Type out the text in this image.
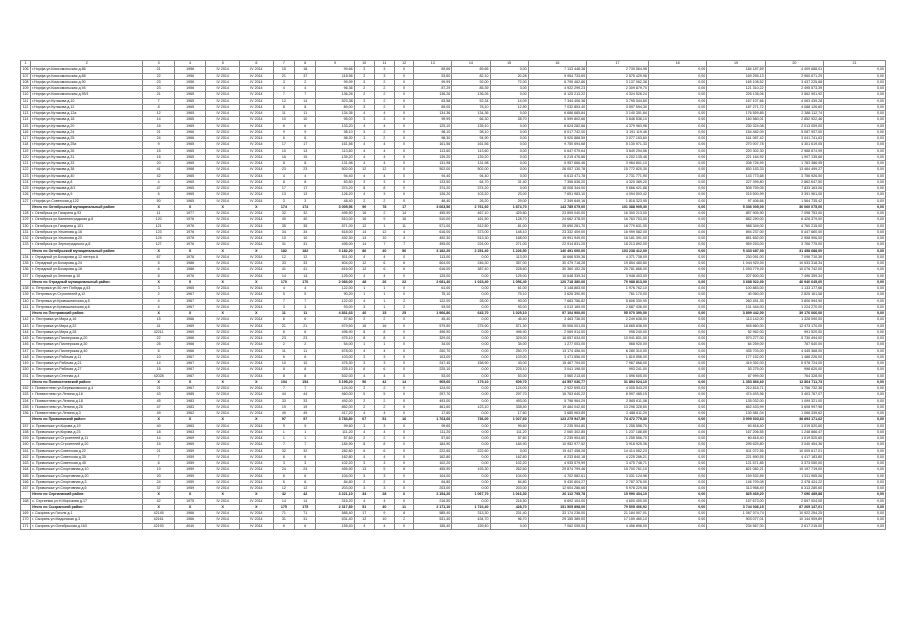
1	2	3	4	5	6	7	8	9	10	11	12	13	14	15	16	17	18	19	20	21
106	г.Норфа ул.Комсомольская д.86	21	1956	IV 2014	IV 2014	15	18	99,66	3	3	0	89,66	89,66	0,00	7 133 448,38	2 739 564,98	0,00	184 187,69	4 409 688,01	0,00
107	г.Норфа ул.Комсомольская д.88	22	1956	IV 2014	IV 2014	21	37	118,56	2	3	0	53,60	82,10	20,28	5 954 733,89	2 875 429,98	0,00	169 255,13	2 960 671,29	0,00
108	г.Норфа ул.Комсомольская д.90	23	1956	IV 2014	IV 2014	3	2	99,99	3	2	0	99,99	92,00	72,00	6 799 462,86	3 137 062,38	0,00	165 108,52	3 437 225,68	0,00
109	г.Норфа ул.Комсомольская д.94	23	1956	IV 2014	IV 2014	4	4	96,36	2	2	0	87,29	85,39	3,00	4 922 299,23	2 309 879,70	0,00	121 310,22	2 495 573,39	0,00
110	г.Норфа ул.Комсомольская д.95/1	21	1965	IV 2014	IV 2014	7	7	136,26	2	2	0	136,26	136,26	0,00	8 125 213,22	4 324 526,24	0,00	226 135,06	3 562 991,92	0,00
111	г.Норфа ул.Кутакова д.10	7	1965	IV 2014	IV 2014	12	14	523,38	3	2	0	63,58	52,34	14,09	7 344 406,38	3 795 544,60	0,00	167 107,66	4 063 439,28	0,00
112	г.Норфа ул.Кутакова д.12	8	1965	IV 2014	IV 2014	8	8	89,00	3	2	0	89,00	78,10	12,90	7 032 853,40	3 597 594,30	0,00	187 271,72	4 088 126,60	0,00
113	г.Норфа ул.Кутакова д.12а	12	1965	IV 2014	IV 2014	11	11	134,36	4	4	0	134,36	134,36	0,00	6 686 685,84	3 140 351,84	0,00	176 559,85	2 388 112,74	0,00
114	г.Норфа ул.Кутакова д.18	14	1965	IV 2014	IV 2014	10	10	95,00	3	3	0	99,99	66,30	28,70	6 599 802,66	3 646 536,10	0,00	160 580,01	2 852 922,46	0,00
115	г.Норфа ул.Кутакова д.20	16	1965	IV 2014	IV 2014	6	6	133,20	4	4	0	125,10	135,10	0,00	8 624 282,66	4 379 963,98	0,00	230 324,08	2 013 009,00	0,00
116	г.Норфа ул.Кутакова д.24	21	1966	IV 2014	IV 2014	9	9	98,10	3	2	0	98,10	98,10	0,00	8 017 742,00	3 191 119,46	0,00	154 482,09	5 087 907,00	0,00
117	г.Норфа ул.Кутакова д.25	24	1966	IV 2014	IV 2014	6	6	98,30	3	2	0	98,30	94,90	0,00	5 920 888,59	3 077 153,60	0,00	161 087,42	3 041 741,63	0,00
118	г.Норфа ул.Кутакова д.25а	9	1965	IV 2014	IV 2014	17	17	161,56	4	4	0	161,56	161,56	0,00	9 750 694,68	5 130 971,33	0,00	270 007,78	4 301 619,05	0,00
119	г.Норфа ул.Кутакова д.26	15	1965	IV 2014	IV 2014	10	13	113,60	4	4	0	113,60	113,60	0,00	6 647 079,64	3 849 294,56	0,00	220 302,30	2 968 874,99	0,00
120	г.Норфа ул.Кутакова д.31	16	1965	IV 2014	IV 2014	16	15	139,20	4	4	0	139,20	139,20	0,00	6 219 476,86	4 202 135,46	0,00	221 164,92	1 907 135,66	0,00
121	г.Норфа ул.Кутакова д.33	20	1965	IV 2014	IV 2014	8	8	131,98	4	4	0	131,98	131,98	0,00	5 957 666,46	3 964 801,10	0,00	208 726,99	1 783 386,95	0,00
122	г.Норфа ул.Кутакова д.38	41	1966	IV 2014	IV 2014	23	23	502,00	12	12	0	502,00	502,00	0,00	26 057 130,78	15 772 820,30	0,00	830 153,33	13 464 499,27	0,00
123	г.Норфа ул.Кутакова д.40	42	1965	IV 2014	IV 2014	4	4	94,40	4	4	0	94,40	94,40	0,00	6 613 471,78	2 731 771,90	0,00	143 773,68	3 756 926,00	0,00
124	г.Норфа ул.Кутакова д.8	4	1965	IV 2014	IV 2014	8	8	83,50	3	3	0	133,50	64,70	31,40	7 356 636,20	4 320 389,20	0,00	227 399,80	2 862 647,50	0,00
125	г.Норфа ул.Кутакова д.8/1	47	1965	IV 2014	IV 2014	17	17	374,20	8	8	0	374,20	374,20	0,00	18 008 344,00	9 666 421,88	0,00	508 759,05	7 833 163,06	0,00
126	г.Норфа ул.Кутакова д.9	6	1965	IV 2014	IV 2014	13	13	126,20	4	3	0	126,20	103,20	23,00	7 651 983,10	4 094 503,42	0,00	215 500,99	3 391 961,00	0,00
127	г.Норфа ул.Советская д.122	50	1965	IV 2014	IV 2014	3	3	48,40	2	2	0	48,40	26,20	29,00	2 349 649,16	1 818 323,95	0,00	97 406,66	1 564 735,42	0,00
	Итого по Октябрьский муниципальный район:	X	X	X	X	174	174	3 005,56	90	78	17	3 063,56	2 761,60	1 874,70	143 785 675,00	101 388 905,30	0,00	5 336 005,00	36 060 075,00	0,00
128	г. Октябрьск ул.Гагарина д.93	11	1977	IV 2014	IV 2014	32	32	495,90	16	2	14	495,90	467,10	429,80	23 899 040,00	16 300 213,00	0,00	857 905,90	7 098 753,00	0,00
129	г. Октябрьск ул.Калининградская д.8	120	1976	IV 2014	IV 2014	40	40	510,00	16	9	16	510,00	161,50	128,70	24 662 378,00	16 763 703,00	0,00	882 290,00	6 426 379,00	0,00
130	г. Октябрьск ул.Гагарина д.101	121	1976	IV 2014	IV 2014	35	35	571,00	12	1	11	571,00	512,50	81,00	25 690 281,70	18 779 631,00	0,00	988 349,00	4 760 215,00	0,00
131	г. Октябрьск ул.Ульянова д.16	123	1976	IV 2014	IV 2014	34	34	618,00	14	12	4	616,00	373,00	148,10	23 332 409,00	16 999 582,00	0,00	894 237,00	5 447 660,00	0,00
132	г. Октябрьск ул.Ульянова д.20	124	1976	IV 2014	IV 2014	10	10	492,30	14	10	4	492,30	513,30	168,00	19 991 949,00	16 181 391,00	0,00	851 652,00	2 958 906,00	0,00
133	г. Октябрьск ул.Зерноградского д.8	127	1976	IV 2014	IV 2014	31	31	495,00	14	7	7	495,00	224,00	271,00	22 914 831,20	18 213 892,00	0,00	959 253,00	3 766 775,00	0,00
	Итого по Октябрьский муниципальный район:	X	X	X	X	182	182	3 182,20	86	40	56	3 182,20	2 251,40	1 226,50	140 491 000,00	103 238 412,00	0,00	5 433 687,00	31 458 688,00	0,00
134	г. Отрадный ул.Бочарова д.12 литера А	67	1978	IV 2014	IV 2014	12	12	511,00	4	4	0	113,00	0,00	113,00	16 668 539,36	4 371 738,00	0,00	230 091,00	7 096 710,36	0,00
135	г. Отрадный ул.Бочарова д.24	5	1986	IV 2014	IV 2014	33	33	604,00	12	6	6	604,00	246,30	357,00	30 479 718,28	19 854 480,80	0,00	1 044 920,00	10 533 318,34	0,00
136	г. Отрадный ул.Бочарова д.16	6	1986	IV 2014	IV 2014	41	41	616,00	12	6	6	616,00	387,40	228,60	30 360 152,26	20 781 866,00	0,00	1 093 779,00	10 076 742,00	0,00
137	г. Отрадный ул.Зеленая д.10	8	1976	IV 2014	IV 2014	14	14	125,00	4	4	0	125,00	0,00	125,00	10 648 339,34	3 948 403,00	0,00	207 600,00	7 496 359,34	0,00
	Итого по Отрадный муниципальный район:	X	X	X	X	170	170	2 083,00	48	26	22	2 081,40	1 023,40	1 056,40	120 718 380,00	70 088 813,00	0,00	3 688 922,00	46 940 645,00	0,00
138	с. Петровка ул.50 лет Победы д.53	3	1965	IV 2014	IV 2014	4	4	122,00	1	1	0	61,00	0,00	61,00	3 148 883,00	1 976 762,10	0,00	100 883,00	1 133 177,66	0,00
139	с. Петровка ул.Строителей д.12	2	1967	IV 2014	IV 2014	5	5	90,20	1	1	0	75,10	0,00	75,10	3 626 390,90	761 170,00	0,00	40 060,00	2 825 161,06	0,00
140	с. Петровка ул.Кривошеинская д.5	4	1967	IV 2014	IV 2014	7	7	122,00	4	1	2	122,00	28,00	93,00	7 663 756,82	5 606 330,90	0,00	260 451,35	3 806 994,90	0,00
141	с. Петровка ул.Кривошеинская д.6	4	1967	IV 2014	IV 2014	3	3	93,00	3	1	2	93,00	0,00	93,00	4 013 169,00	2 687 436,00	0,00	131 444,00	1 224 270,00	0,00
	Итого по Пестравский район:	X	X	X	X	11	11	4 831,63	40	15	25	1 966,86	643,70	1 025,10	97 104 900,00	55 070 390,00	0,00	3 899 442,00	39 176 066,00	0,00
142	с. Пестравка ул.Мира д.16	15	1966	IV 2014	IV 2014	6	6	57,60	2	2	0	45,40	0,00	45,40	3 463 736,00	2 249 638,00	0,00	113 142,00	1 328 090,00	0,00
143	с. Пестравка ул.Мира д.22	41	1969	IV 2014	IV 2014	21	21	579,50	16	16	0	579,50	275,90	571,30	35 506 001,00	18 665 836,00	0,00	945 860,00	12 473 170,00	0,00
144	с. Пестравка ул.Мира д.28	42211	1969	IV 2014	IV 2014	6	6	496,90	8	8	0	496,90	0,00	496,90	2 069 514,00	998 240,00	0,00	52 962,00	991 520,00	0,00
145	с. Пестравка ул.Пионерская д.20	22	1966	IV 2014	IV 2014	23	23	475,10	8	8	0	329,00	0,00	329,00	16 657 634,00	10 941 831,00	0,00	570 277,00	5 730 494,00	0,00
146	с. Пестравка ул.Пионерская д.30	25	1966	IV 2014	IV 2014	2	2	54,00	1	1	0	34,00	0,00	34,00	1 277 003,00	568 920,00	0,00	64 259,00	767 640,00	0,00
147	с. Пестравка ул.Пионерская д.40	6	1966	IV 2014	IV 2014	11	11	678,00	4	4	0	250,70	0,00	250,70	13 174 456,00	8 280 310,00	0,00	435 703,00	4 445 368,00	0,00
148	с. Пестравка ул.Рабочая д.11	10	1967	IV 2014	IV 2014	6	6	103,00	3	3	0	103,00	0,00	103,00	3 471 556,00	1 819 556,00	0,00	177 152,00	1 488 226,00	0,00
149	с. Пестравка ул.Рабочая д.21	14	1967	IV 2014	IV 2014	10	10	476,30	3	3	0	247,40	158,90	43,00	15 467 794,00	7 967 868,00	0,00	419 352,00	5 978 724,00	0,00
150	с. Пестравка ул.Рабочая д.27	15	1967	IV 2014	IV 2014	8	8	225,10	6	6	0	225,10	0,00	225,10	3 041 198,00	993 241,00	0,00	53 275,00	998 620,00	0,00
151	с. Пестравка ул.Степная д.4	42028	1967	IV 2014	IV 2014	8	8	532,00	4	4	0	53,00	0,00	53,00	3 560 213,00	1 596 605,00	0,00	67 999,00	764 328,00	0,00
	Итого по Похвистневский район:	X	X	X	X	154	154	3 195,20	56	42	14	905,60	179,10	609,70	44 557 036,77	31 894 024,10	0,00	1 353 866,60	12 804 711,73	0,00
152	г. Похвистнево ул.Бережковского д.4	21	1967	IV 2014	IV 2014	7	7	124,00	2	2	0	124,00	0,00	124,00	2 922 695,03	4 005 543,20	0,00	210 818,71	1 756 732,38	0,00
153	г. Похвистнево ул.Ленина д.16	43	1985	IV 2014	IV 2014	44	44	460,00	5	5	0	297,70	0,00	297,70	16 763 640,22	8 997 485,15	0,00	474 493,96	3 403 767,07	0,00
154	г. Похвистнево ул.Ленина д.18	45	1983	IV 2014	IV 2014	33	33	492,00	2	2	0	493,00	0,00	493,00	5 798 964,29	2 565 611,08	0,00	135 032,00	1 099 321,00	0,00
155	г. Похвистнево ул.Ленина д.26	47	1983	IV 2014	IV 2014	19	19	852,00	2	2	0	461,60	123,10	338,50	19 484 042,60	13 296 326,60	0,00	652 433,99	3 608 997,98	0,00
156	г. Похвистнево ул.Ленина д.3	49	1962	IV 2014	IV 2014	49	49	417,20	4	4	0	17,60	0,00	17,60	3 685 963,89	2 488 611,29	0,00	130 981,04	1 066 339,62	0,00
	Итого по Приволжский район:	X	X	X	X	97	97	3 783,80	67	51	16	1 763,60	736,00	1 027,60	123 275 947,50	74 472 779,30	0,00	3 909 603,63	38 893 171,62	0,00
157	с. Приволжье ул.Кирова д.19	40	1963	IV 2014	IV 2014	9	9	99,60	3	3	0	99,60	0,00	99,60	2 235 904,80	1 255 556,70	0,00	60 818,40	1 019 520,60	0,00
158	с. Приволжье ул.Кирова д.23	18	1963	IV 2014	IV 2014	1	1	111,20	4	4	0	111,20	0,00	111,20	2 060 302,85	1 237 188,89	0,00	167 206,55	1 248 866,47	0,00
159	с. Приволжье ул.Строителей д.11	14	1969	IV 2014	IV 2014	1	1	57,60	2	2	0	57,60	0,00	57,60	2 235 904,80	1 255 556,70	0,00	60 818,40	1 019 520,60	0,00
160	с. Приволжье ул.Строителей д.20	15	1969	IV 2014	IV 2014	7	7	184,90	8	8	0	184,90	0,00	184,90	10 952 977,52	3 918 925,36	0,00	295 625,80	3 040 454,36	0,00
161	с. Приволжье ул.Советская д.22	21	1959	IV 2014	IV 2014	32	32	282,80	6	6	0	222,60	222,60	0,00	19 447 458,28	14 414 052,23	0,00	611 072,55	10 005 617,01	0,00
162	с. Приволжье ул.Советская д.35	7	1959	IV 2014	IV 2014	6	6	162,80	4	4	0	162,80	0,00	162,80	6 233 840,18	4 225 266,21	0,00	221 890,55	4 417 183,80	0,00
163	с. Приволжье ул.Советская д.45	6	1959	IV 2014	IV 2014	3	3	102,20	3	3	0	102,20	0,00	102,20	4 935 579,99	3 475 748,71	0,00	121 571,85	3 373 050,00	0,00
164	с. Приволжье ул.Спортивная д.10	19	1959	IV 2014	IV 2014	24	24	455,90	13	5	8	455,90	193,30	262,60	29 874 799,46	15 700 761,10	0,00	821 082,21	15 197 719,00	0,00
165	с. Приволжье ул.Спортивная д.20	20	1959	IV 2014	IV 2014	6	6	104,00	3	3	0	104,00	0,00	104,00	4 702 582,61	3 031 124,96	0,00	159 532,89	1 511 965,06	0,00
166	с. Приволжье ул.Спортивная д.3	24	1959	IV 2014	IV 2014	6	6	84,80	2	2	0	84,80	0,00	84,80	5 430 604,27	2 787 376,00	0,00	146 709,08	2 478 424,22	0,00
167	с. Приволжье ул.Спортивная д.6	37	1959	IV 2014	IV 2014	12	12	203,00	3	3	0	203,00	0,00	203,00	12 604 286,66	5 978 229,58	0,00	313 958,49	6 313 280,60	0,00
	Итого по Сергиевский район:	X	X	X	X	42	42	3 221,10	34	28	6	2 154,20	1 067,70	1 016,30	26 112 795,78	15 990 434,10	0,00	825 469,20	7 696 489,88	0,00
168	с. Сергиевск ул.Н.Морозова д.17	42	1975	IV 2014	IV 2014	14	14	316,20	4	4	0	216,50	0,00	216,50	8 692 104,00	4 600 400,00	0,00	157 673,00	2 697 004,00	0,00
	Итого по Сызранский район:	X	X	X	X	175	175	2 317,80	51	40	11	2 171,10	1 722,40	428,70	151 505 898,00	79 505 406,92	0,00	3 744 036,15	87 265 137,01	0,00
169	г. Сызрань ул.Гоголя д.1	42145	1966	IV 2014	IV 2014	71	71	585,40	17	9	8	585,40	313,30	231,40	33 174 236,00	21 184 907,01	0,00	1 067 074,74	10 922 254,25	0,00
170	г. Сызрань ул.Мадонская д.3	42161	1966	IV 2014	IV 2014	31	31	531,40	12	10	2	531,40	434,70	96,70	29 155 389,00	17 159 460,10	0,00	903 077,01	10 144 909,89	0,00
171	г. Сызрань ул.Октябрьская д.163	42193	4040	IV 2014	IV 2014	6	6	155,40	4	4	0	155,40	159,40	0,00	7 062 095,00	4 456 896,00	0,00	234 567,00	2 617 215,00	0,00
